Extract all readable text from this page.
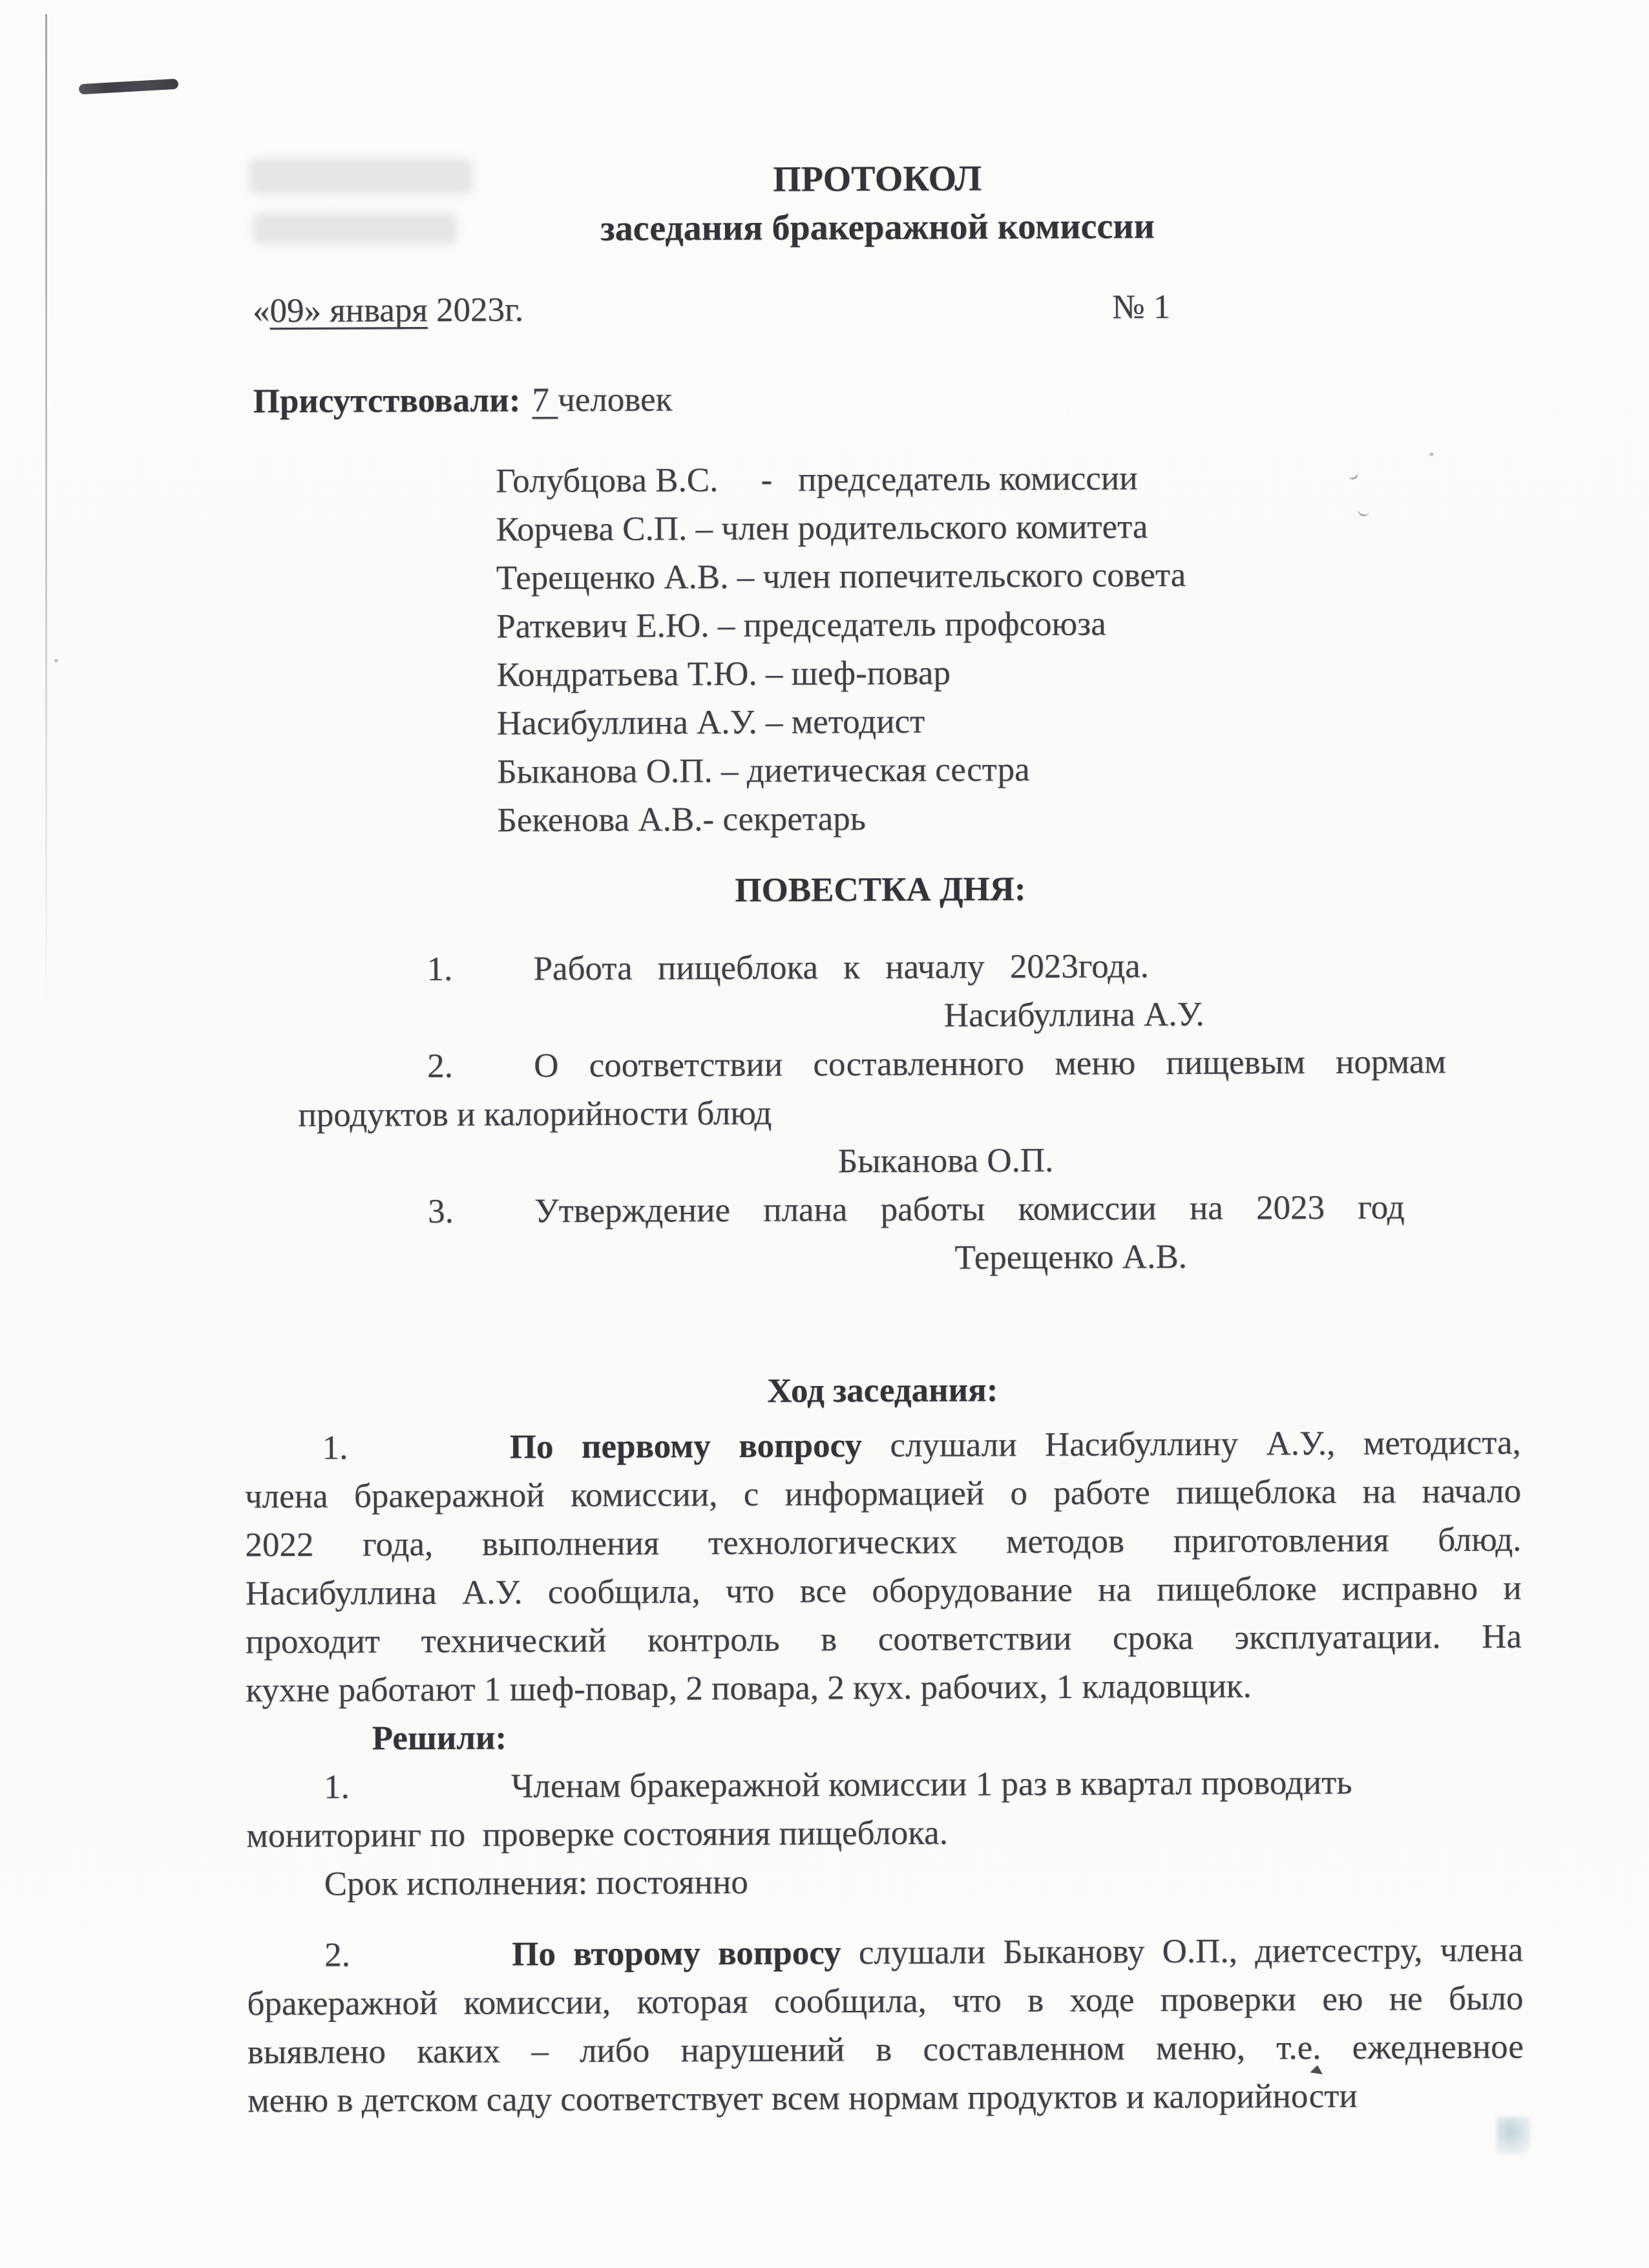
ПРОТОКОЛ
заседания бракеражной комиссии
«09» января 2023г.	№ 1
Присутствовали: 7 человек
Голубцова В.С.     -   председатель комиссии
Корчева С.П. – член родительского комитета
Терещенко А.В. – член попечительского совета
Раткевич Е.Ю. – председатель профсоюза
Кондратьева Т.Ю. – шеф-повар
Насибуллина А.У. – методист
Быканова О.П. – диетическая сестра
Бекенова А.В.- секретарь
ПОВЕСТКА ДНЯ:
1. Работа пищеблока к началу 2023года.
Насибуллина А.У.
2. О соответствии составленного меню пищевым нормам
продуктов и калорийности блюд
Быканова О.П.
3. Утверждение плана работы комиссии на 2023 год
Терещенко А.В.
Ход заседания:
1.	По первому вопросу слушали Насибуллину А.У., методиста,
члена бракеражной комиссии, с информацией о работе пищеблока на начало
2022 года, выполнения технологических методов приготовления блюд.
Насибуллина А.У. сообщила, что все оборудование на пищеблоке исправно и
проходит технический контроль в соответствии срока эксплуатации. На
кухне работают 1 шеф-повар, 2 повара, 2 кух. рабочих, 1 кладовщик.
Решили:
1.	Членам бракеражной комиссии 1 раз в квартал проводить
мониторинг по  проверке состояния пищеблока.
Срок исполнения: постоянно
2.	По второму вопросу слушали Быканову О.П., диетсестру, члена
бракеражной комиссии, которая сообщила, что в ходе проверки ею не было
выявлено каких – либо нарушений в составленном меню, т.е. ежедневное
меню в детском саду соответствует всем нормам продуктов и калорийности
